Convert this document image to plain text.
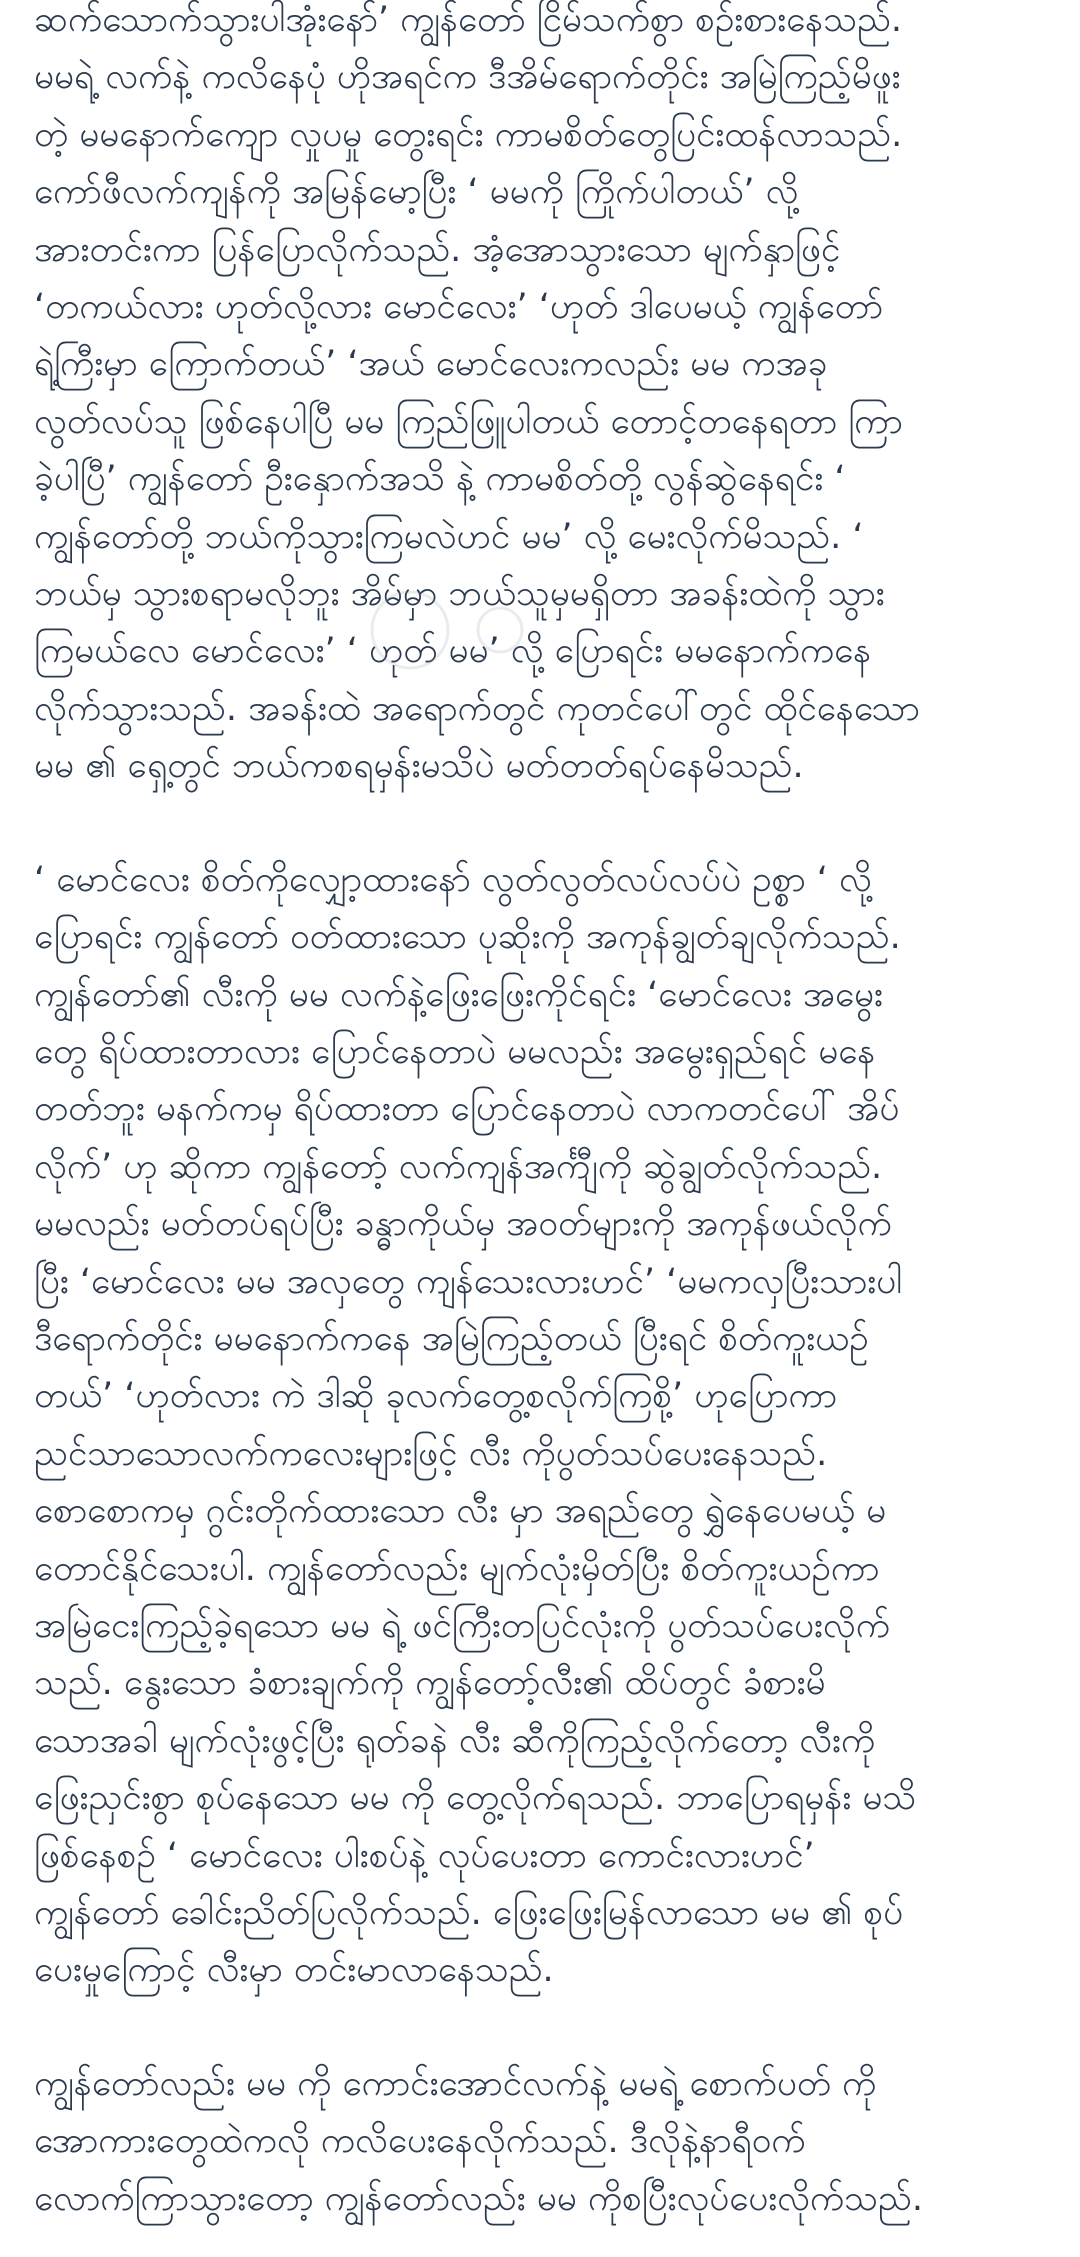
ဆက်သောက်သွားပါအုံးနော်’ ကျွန်တော် ငြိမ်သက်စွာ စဉ်းစားနေသည်.
မမရဲ့ လက်နဲ့ ကလိနေပုံ ဟိုအရင်က ဒီအိမ်ရောက်တိုင်း အမြဲကြည့်မိဖူး
တဲ့ မမနောက်ကျော လှုပမှု တွေးရင်း ကာမစိတ်တွေပြင်းထန်လာသည်.
ကော်ဖီလက်ကျန်ကို အမြန်မော့ပြီး ‘ မမကို ကြိုက်ပါတယ်’ လို့
အားတင်းကာ ပြန်ပြောလိုက်သည်. အံ့အောသွားသော မျက်နှာဖြင့်
‘တကယ်လား ဟုတ်လို့လား မောင်လေး’ ‘ဟုတ် ဒါပေမယ့် ကျွန်တော်
ရဲ့ကြီးမှာ ကြောက်တယ်’ ‘အယ် မောင်လေးကလည်း မမ ကအခု
လွတ်လပ်သူ ဖြစ်နေပါပြီ မမ ကြည်ဖြူပါတယ် တောင့်တနေရတာ ကြာ
ခဲ့ပါပြီ’ ကျွန်တော် ဦးနှောက်အသိ နဲ့ ကာမစိတ်တို့ လွန်ဆွဲနေရင်း ‘
ကျွန်တော်တို့ ဘယ်ကိုသွားကြမလဲဟင် မမ’ လို့ မေးလိုက်မိသည်. ‘
ဘယ်မှ သွားစရာမလိုဘူး အိမ်မှာ ဘယ်သူမှမရှိတာ အခန်းထဲကို သွား
ကြမယ်လေ မောင်လေး’ ‘ ဟုတ် မမ’ လို့ ပြောရင်း မမနောက်ကနေ
လိုက်သွားသည်. အခန်းထဲ အရောက်တွင် ကုတင်ပေါ်တွင် ထိုင်နေသော
မမ ၏ ရှေ့တွင် ဘယ်ကစရမှန်းမသိပဲ မတ်တတ်ရပ်နေမိသည်.
‘ မောင်လေး စိတ်ကိုလျှော့ထားနော် လွတ်လွတ်လပ်လပ်ပဲ ဥစ္စာ ‘ လို့
ပြောရင်း ကျွန်တော် ဝတ်ထားသော ပုဆိုးကို အကုန်ချွတ်ချလိုက်သည်.
ကျွန်တော်၏ လီးကို မမ လက်နဲ့ဖြေးဖြေးကိုင်ရင်း ‘မောင်လေး အမွေး
တွေ ရိပ်ထားတာလား ပြောင်နေတာပဲ မမလည်း အမွေးရှည်ရင် မနေ
တတ်ဘူး မနက်ကမှ ရိပ်ထားတာ ပြောင်နေတာပဲ လာကတင်ပေါ် အိပ်
လိုက်’ ဟု ဆိုကာ ကျွန်တော့် လက်ကျန်အင်္ကျီကို ဆွဲချွတ်လိုက်သည်.
မမလည်း မတ်တပ်ရပ်ပြီး ခန္ဓာကိုယ်မှ အဝတ်များကို အကုန်ဖယ်လိုက်
ပြီး ‘မောင်လေး မမ အလှတွေ ကျန်သေးလားဟင်’ ‘မမကလှပြီးသားပါ
ဒီရောက်တိုင်း မမနောက်ကနေ အမြဲကြည့်တယ် ပြီးရင် စိတ်ကူးယဉ်
တယ်’ ‘ဟုတ်လား ကဲ ဒါဆို ခုလက်တွေ့စလိုက်ကြစို့’ ဟုပြောကာ
ညင်သာသောလက်ကလေးများဖြင့် လီး ကိုပွတ်သပ်ပေးနေသည်.
စောစောကမှ ဂွင်းတိုက်ထားသော လီး မှာ အရည်တွေ ရွှဲနေပေမယ့် မ
တောင်နိုင်သေးပါ. ကျွန်တော်လည်း မျက်လုံးမှိတ်ပြီး စိတ်ကူးယဉ်ကာ
အမြဲငေးကြည့်ခဲ့ရသော မမ ရဲ့ ဖင်ကြီးတပြင်လုံးကို ပွတ်သပ်ပေးလိုက်
သည်. နွေးသော ခံစားချက်ကို ကျွန်တော့်လီး၏ ထိပ်တွင် ခံစားမိ
သောအခါ မျက်လုံးဖွင့်ပြီး ရုတ်ခနဲ လီး ဆီကိုကြည့်လိုက်တော့ လီးကို
ဖြေးညှင်းစွာ စုပ်နေသော မမ ကို တွေ့လိုက်ရသည်. ဘာပြောရမှန်း မသိ
ဖြစ်နေစဉ် ‘ မောင်လေး ပါးစပ်နဲ့ လုပ်ပေးတာ ကောင်းလားဟင်’
ကျွန်တော် ခေါင်းညိတ်ပြလိုက်သည်. ဖြေးဖြေးမြန်လာသော မမ ၏ စုပ်
ပေးမှုကြောင့် လီးမှာ တင်းမာလာနေသည်.
ကျွန်တော်လည်း မမ ကို ကောင်းအောင်လက်နဲ့ မမရဲ့ စောက်ပတ် ကို
အောကားတွေထဲကလို ကလိပေးနေလိုက်သည်. ဒီလိုနဲ့နာရီဝက်
လောက်ကြာသွားတော့ ကျွန်တော်လည်း မမ ကိုစပြီးလုပ်ပေးလိုက်သည်.
